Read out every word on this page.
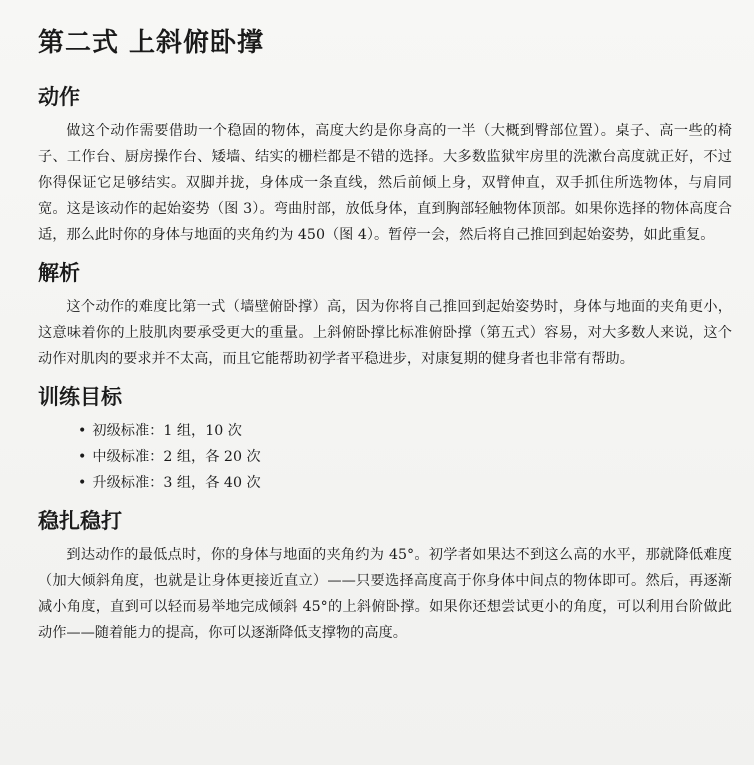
第二式 上斜俯卧撑
动作

做这个动作需要借助一个稳固的物体，高度大约是你身高的一半（大概到臀部位置）。桌子、高一些的椅子、工作台、厨房操作台、矮墙、结实的栅栏都是不错的选择。大多数监狱牢房里的洗漱台高度就正好，不过你得保证它足够结实。双脚并拢，身体成一条直线，然后前倾上身，双臂伸直，双手抓住所选物体，与肩同宽。这是该动作的起始姿势（图 3）。弯曲肘部，放低身体，直到胸部轻触物体顶部。如果你选择的物体高度合适，那么此时你的身体与地面的夹角约为 450（图 4）。暂停一会，然后将自己推回到起始姿势，如此重复。

解析

这个动作的难度比第一式（墙壁俯卧撑）高，因为你将自己推回到起始姿势时，身体与地面的夹角更小，这意味着你的上肢肌肉要承受更大的重量。上斜俯卧撑比标准俯卧撑（第五式）容易，对大多数人来说，这个动作对肌肉的要求并不太高，而且它能帮助初学者平稳进步，对康复期的健身者也非常有帮助。

训练目标
• 初级标准：1 组，10 次
• 中级标准：2 组，各 20 次
• 升级标准：3 组，各 40 次
稳扎稳打

到达动作的最低点时，你的身体与地面的夹角约为 45°。初学者如果达不到这么高的水平，那就降低难度（加大倾斜角度，也就是让身体更接近直立）——只要选择高度高于你身体中间点的物体即可。然后，再逐渐减小角度，直到可以轻而易举地完成倾斜 45°的上斜俯卧撑。如果你还想尝试更小的角度，可以利用台阶做此动作——随着能力的提高，你可以逐渐降低支撑物的高度。
